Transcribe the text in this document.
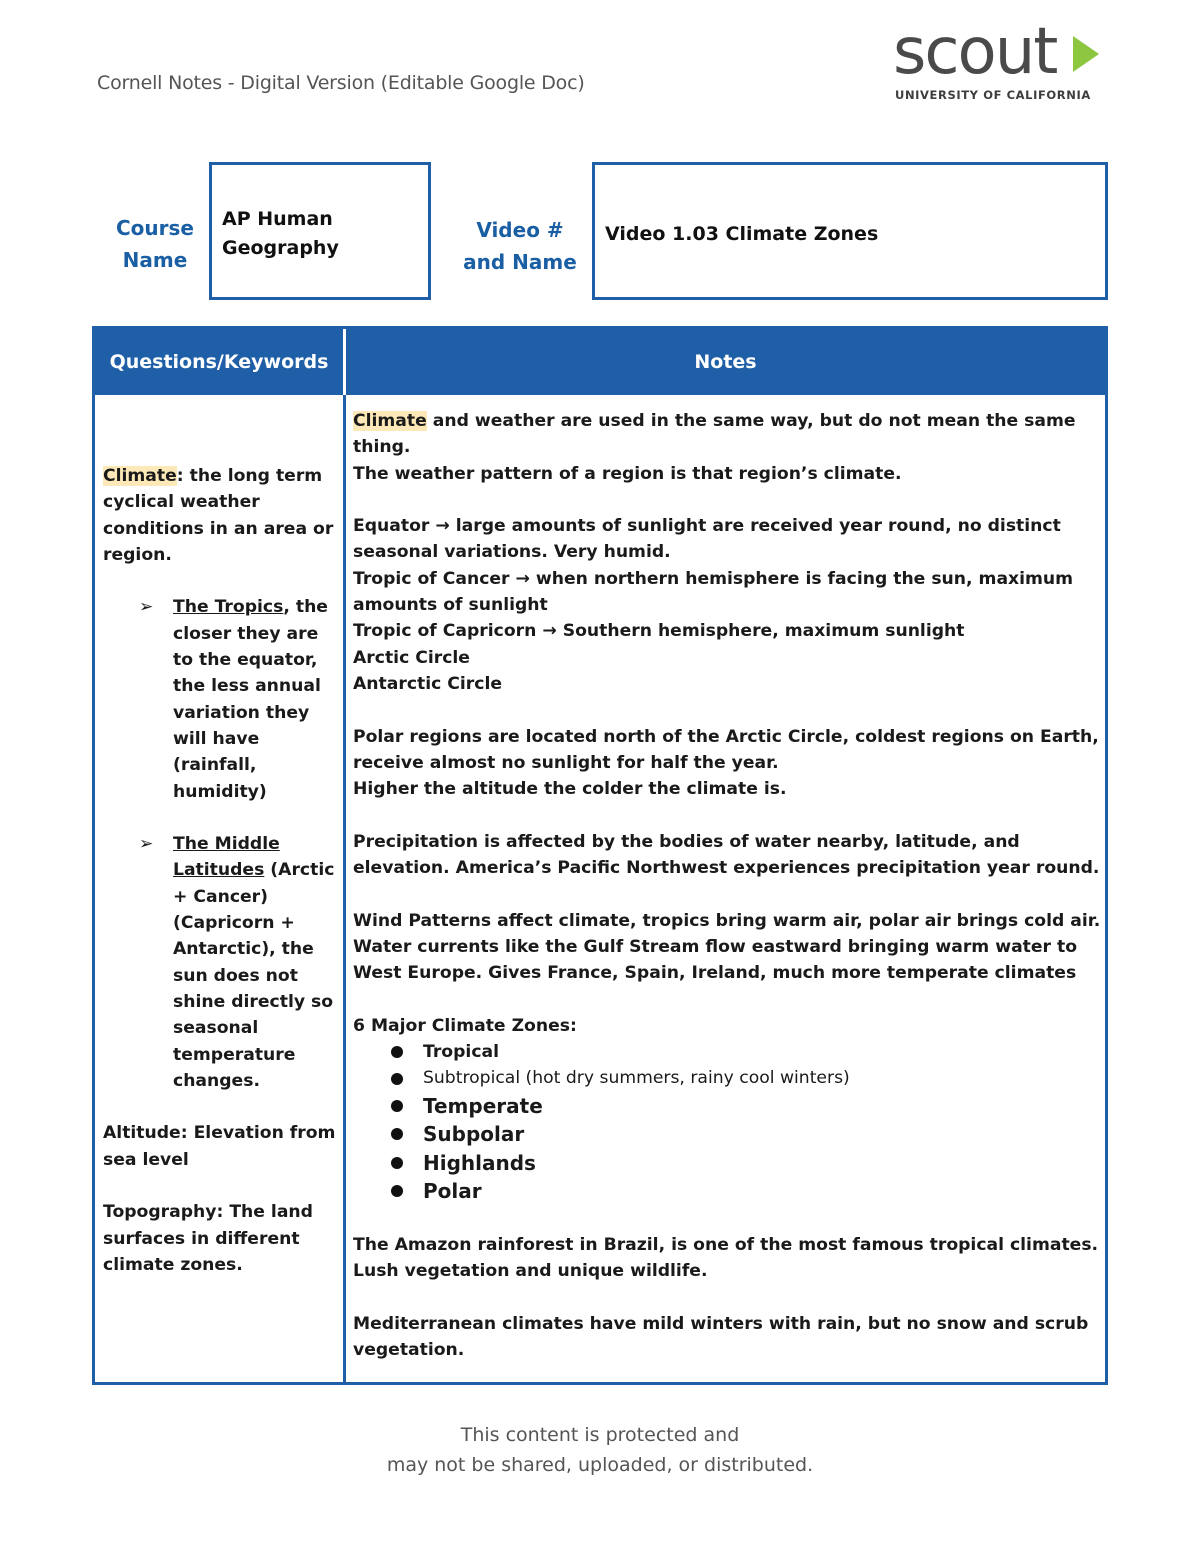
Cornell Notes - Digital Version (Editable Google Doc)	scout
UNIVERSITY OF CALIFORNIA
Course
Name
AP Human
Geography
Video #
and Name
Video 1.03 Climate Zones
Questions/Keywords	Notes
Climate: the long term cyclical weather conditions in an area or region.
➢ The Tropics, the closer they are to the equator, the less annual variation they will have (rainfall, humidity)
➢ The Middle Latitudes (Arctic + Cancer) (Capricorn + Antarctic), the sun does not shine directly so seasonal temperature changes.
Altitude: Elevation from sea level
Topography: The land surfaces in different climate zones.
Climate and weather are used in the same way, but do not mean the same thing.
The weather pattern of a region is that region’s climate.
Equator → large amounts of sunlight are received year round, no distinct seasonal variations. Very humid.
Tropic of Cancer → when northern hemisphere is facing the sun, maximum amounts of sunlight
Tropic of Capricorn → Southern hemisphere, maximum sunlight
Arctic Circle
Antarctic Circle
Polar regions are located north of the Arctic Circle, coldest regions on Earth, receive almost no sunlight for half the year.
Higher the altitude the colder the climate is.
Precipitation is affected by the bodies of water nearby, latitude, and elevation. America’s Pacific Northwest experiences precipitation year round.
Wind Patterns affect climate, tropics bring warm air, polar air brings cold air.
Water currents like the Gulf Stream flow eastward bringing warm water to West Europe. Gives France, Spain, Ireland, much more temperate climates
6 Major Climate Zones:
Tropical
Subtropical (hot dry summers, rainy cool winters)
Temperate
Subpolar
Highlands
Polar
The Amazon rainforest in Brazil, is one of the most famous tropical climates. Lush vegetation and unique wildlife.
Mediterranean climates have mild winters with rain, but no snow and scrub vegetation.
This content is protected and
may not be shared, uploaded, or distributed.
